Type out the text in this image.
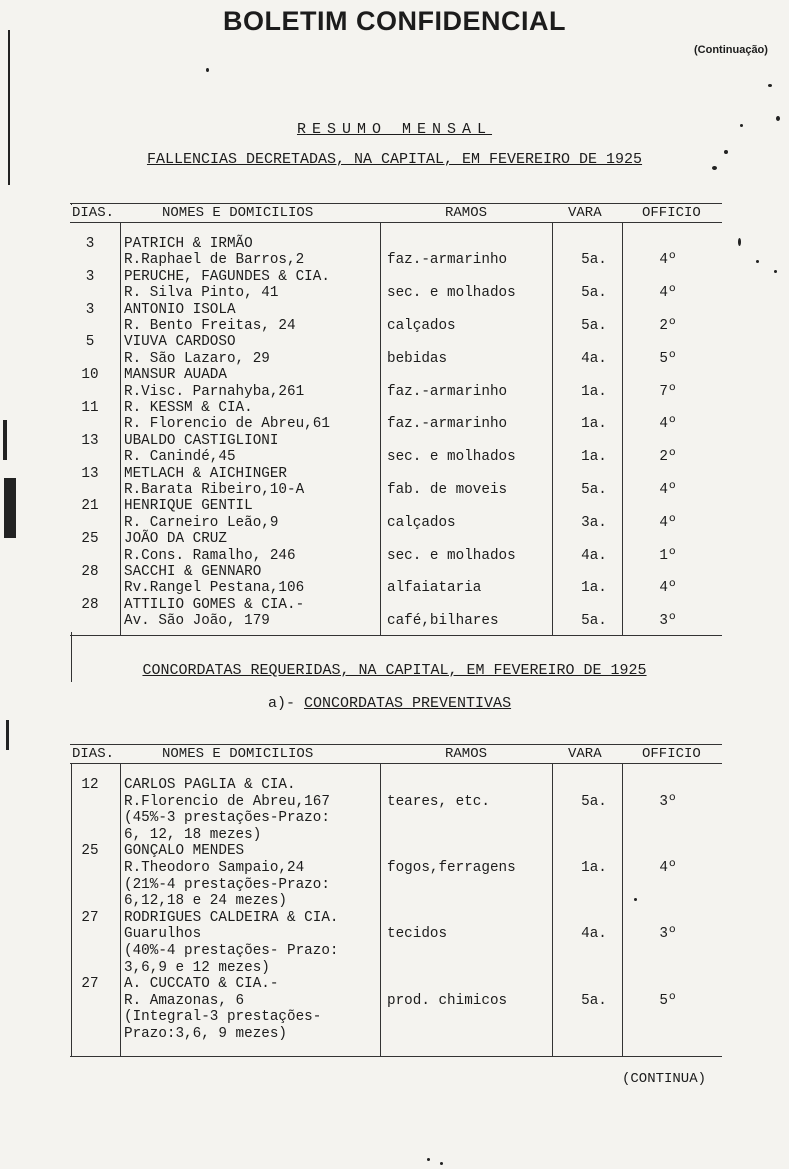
BOLETIM CONFIDENCIAL
(Continuação)
RESUMO MENSAL
FALLENCIAS DECRETADAS, NA CAPITAL, EM FEVEREIRO DE 1925
DIAS.	NOMES E DOMICILIOS	RAMOS	VARA	OFFICIO
3	PATRICH & IRMÃO
R.Raphael de Barros,2	faz.-armarinho	5a.	4º
3	PERUCHE, FAGUNDES & CIA.
R. Silva Pinto, 41	sec. e molhados	5a.	4º
3	ANTONIO ISOLA
R. Bento Freitas, 24	calçados	5a.	2º
5	VIUVA CARDOSO
R. São Lazaro, 29	bebidas	4a.	5º
10	MANSUR AUADA
R.Visc. Parnahyba,261	faz.-armarinho	1a.	7º
11	R. KESSM & CIA.
R. Florencio de Abreu,61	faz.-armarinho	1a.	4º
13	UBALDO CASTIGLIONI
R. Canindé,45	sec. e molhados	1a.	2º
13	METLACH & AICHINGER
R.Barata Ribeiro,10-A	fab. de moveis	5a.	4º
21	HENRIQUE GENTIL
R. Carneiro Leão,9	calçados	3a.	4º
25	JOÃO DA CRUZ
R.Cons. Ramalho, 246	sec. e molhados	4a.	1º
28	SACCHI & GENNARO
Rv.Rangel Pestana,106	alfaiataria	1a.	4º
28	ATTILIO GOMES & CIA.-
Av. São João, 179	café,bilhares	5a.	3º
CONCORDATAS REQUERIDAS, NA CAPITAL, EM FEVEREIRO DE 1925
a)- CONCORDATAS PREVENTIVAS
DIAS.	NOMES E DOMICILIOS	RAMOS	VARA	OFFICIO
12	CARLOS PAGLIA & CIA.
R.Florencio de Abreu,167
(45%-3 prestações-Prazo:
6, 12, 18 mezes)
teares, etc.	5a.	3º
25	GONÇALO MENDES
R.Theodoro Sampaio,24
(21%-4 prestações-Prazo:
6,12,18 e 24 mezes)
fogos,ferragens	1a.	4º
27	RODRIGUES CALDEIRA & CIA.
Guarulhos
(40%-4 prestações- Prazo:
3,6,9 e 12 mezes)
tecidos	4a.	3º
27	A. CUCCATO & CIA.-
R. Amazonas, 6
(Integral-3 prestações-
Prazo:3,6, 9 mezes)
prod. chimicos	5a.	5º
(CONTINUA)
